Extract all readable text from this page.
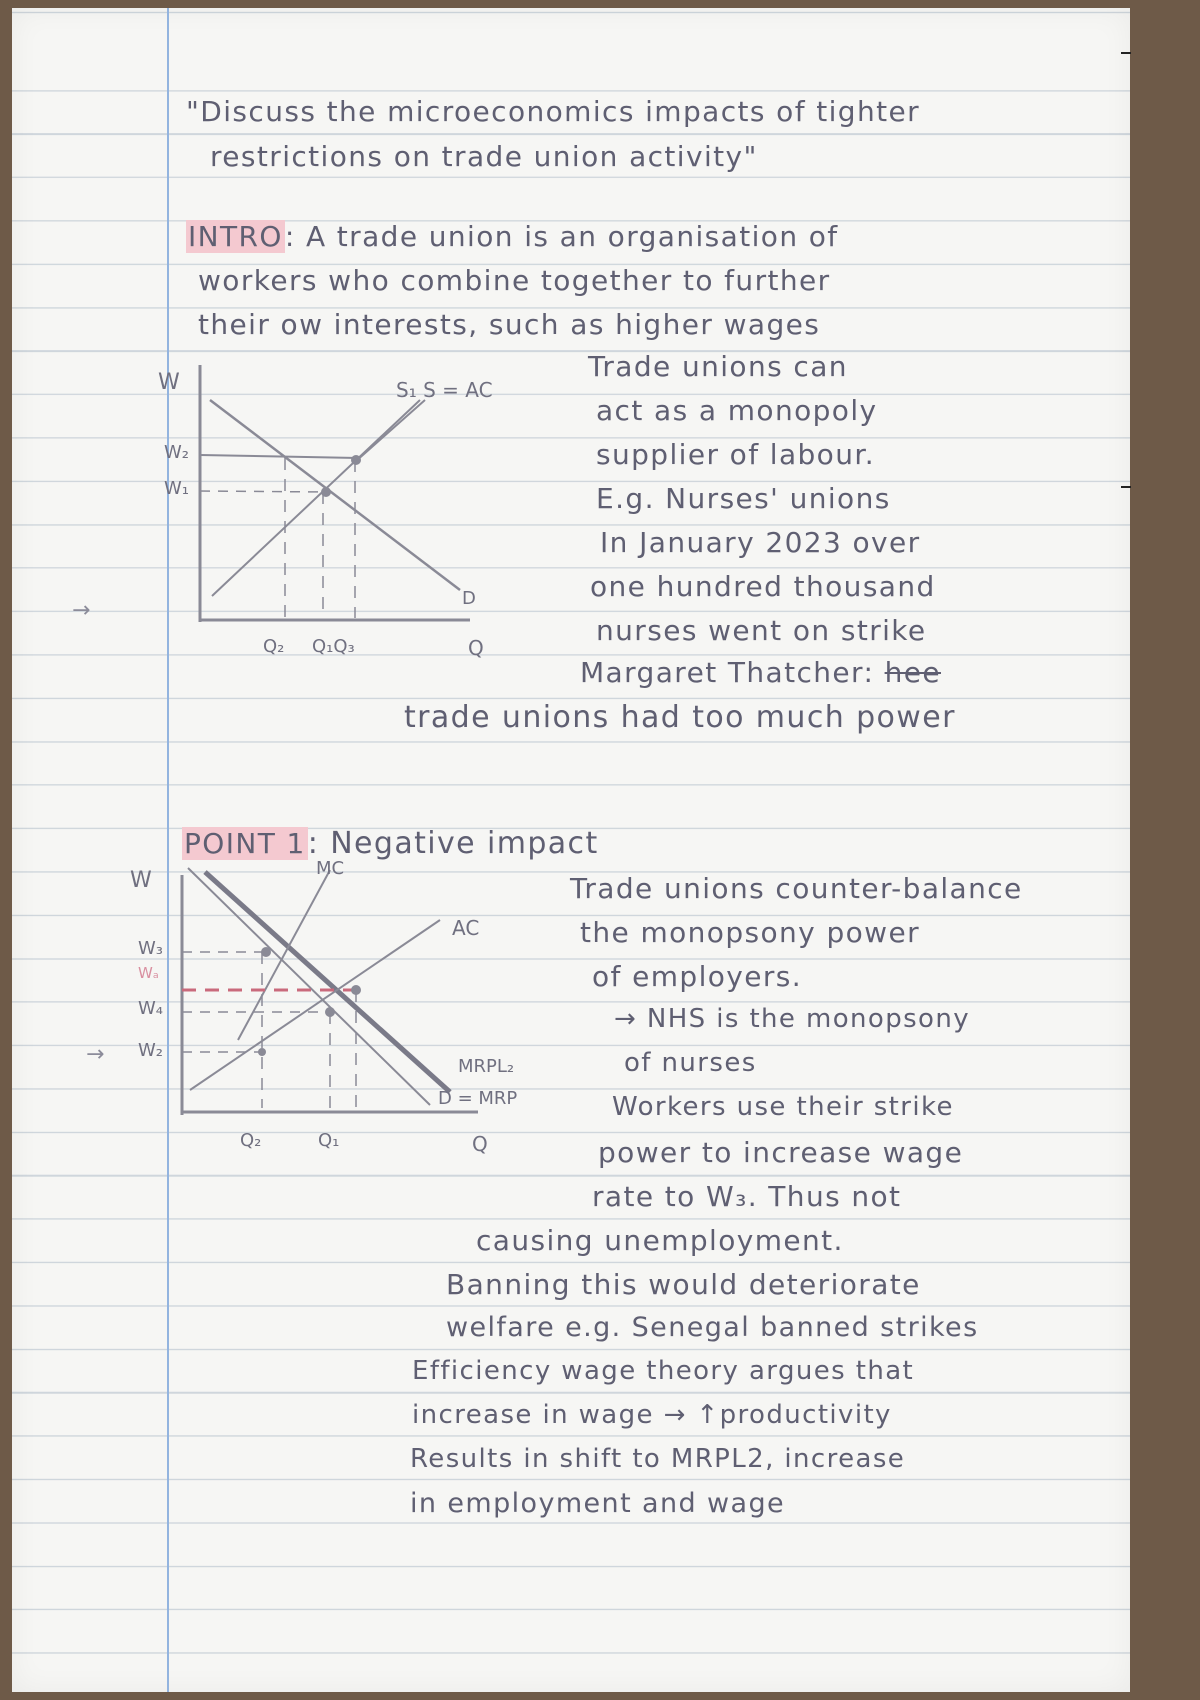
"Discuss the microeconomics impacts of tighter
restrictions on trade union activity"
INTRO: A trade union is an organisation of
workers who combine together to further
their ow interests, such as higher wages
Trade unions can
act as a monopoly
supplier of labour.
E.g. Nurses' unions
In January 2023 over
one hundred thousand
nurses went on strike
Margaret Thatcher: hee
trade unions had too much power
W
W₂
W₁
S₁ S = AC
D
Q₂ Q₁Q₃	Q
→
POINT 1: Negative impact
Trade unions counter-balance
the monopsony power
of employers.
→ NHS is the monopsony
of nurses
Workers use their strike
power to increase wage
rate to W₃. Thus not
causing unemployment.
Banning this would deteriorate
welfare e.g. Senegal banned strikes
Efficiency wage theory argues that
increase in wage → ↑productivity
Results in shift to MRPL2, increase
in employment and wage
W
W₃
Wₐ
W₄
W₂
MC
AC
MRPL₂
D = MRP
Q₂	Q₁	Q
→
